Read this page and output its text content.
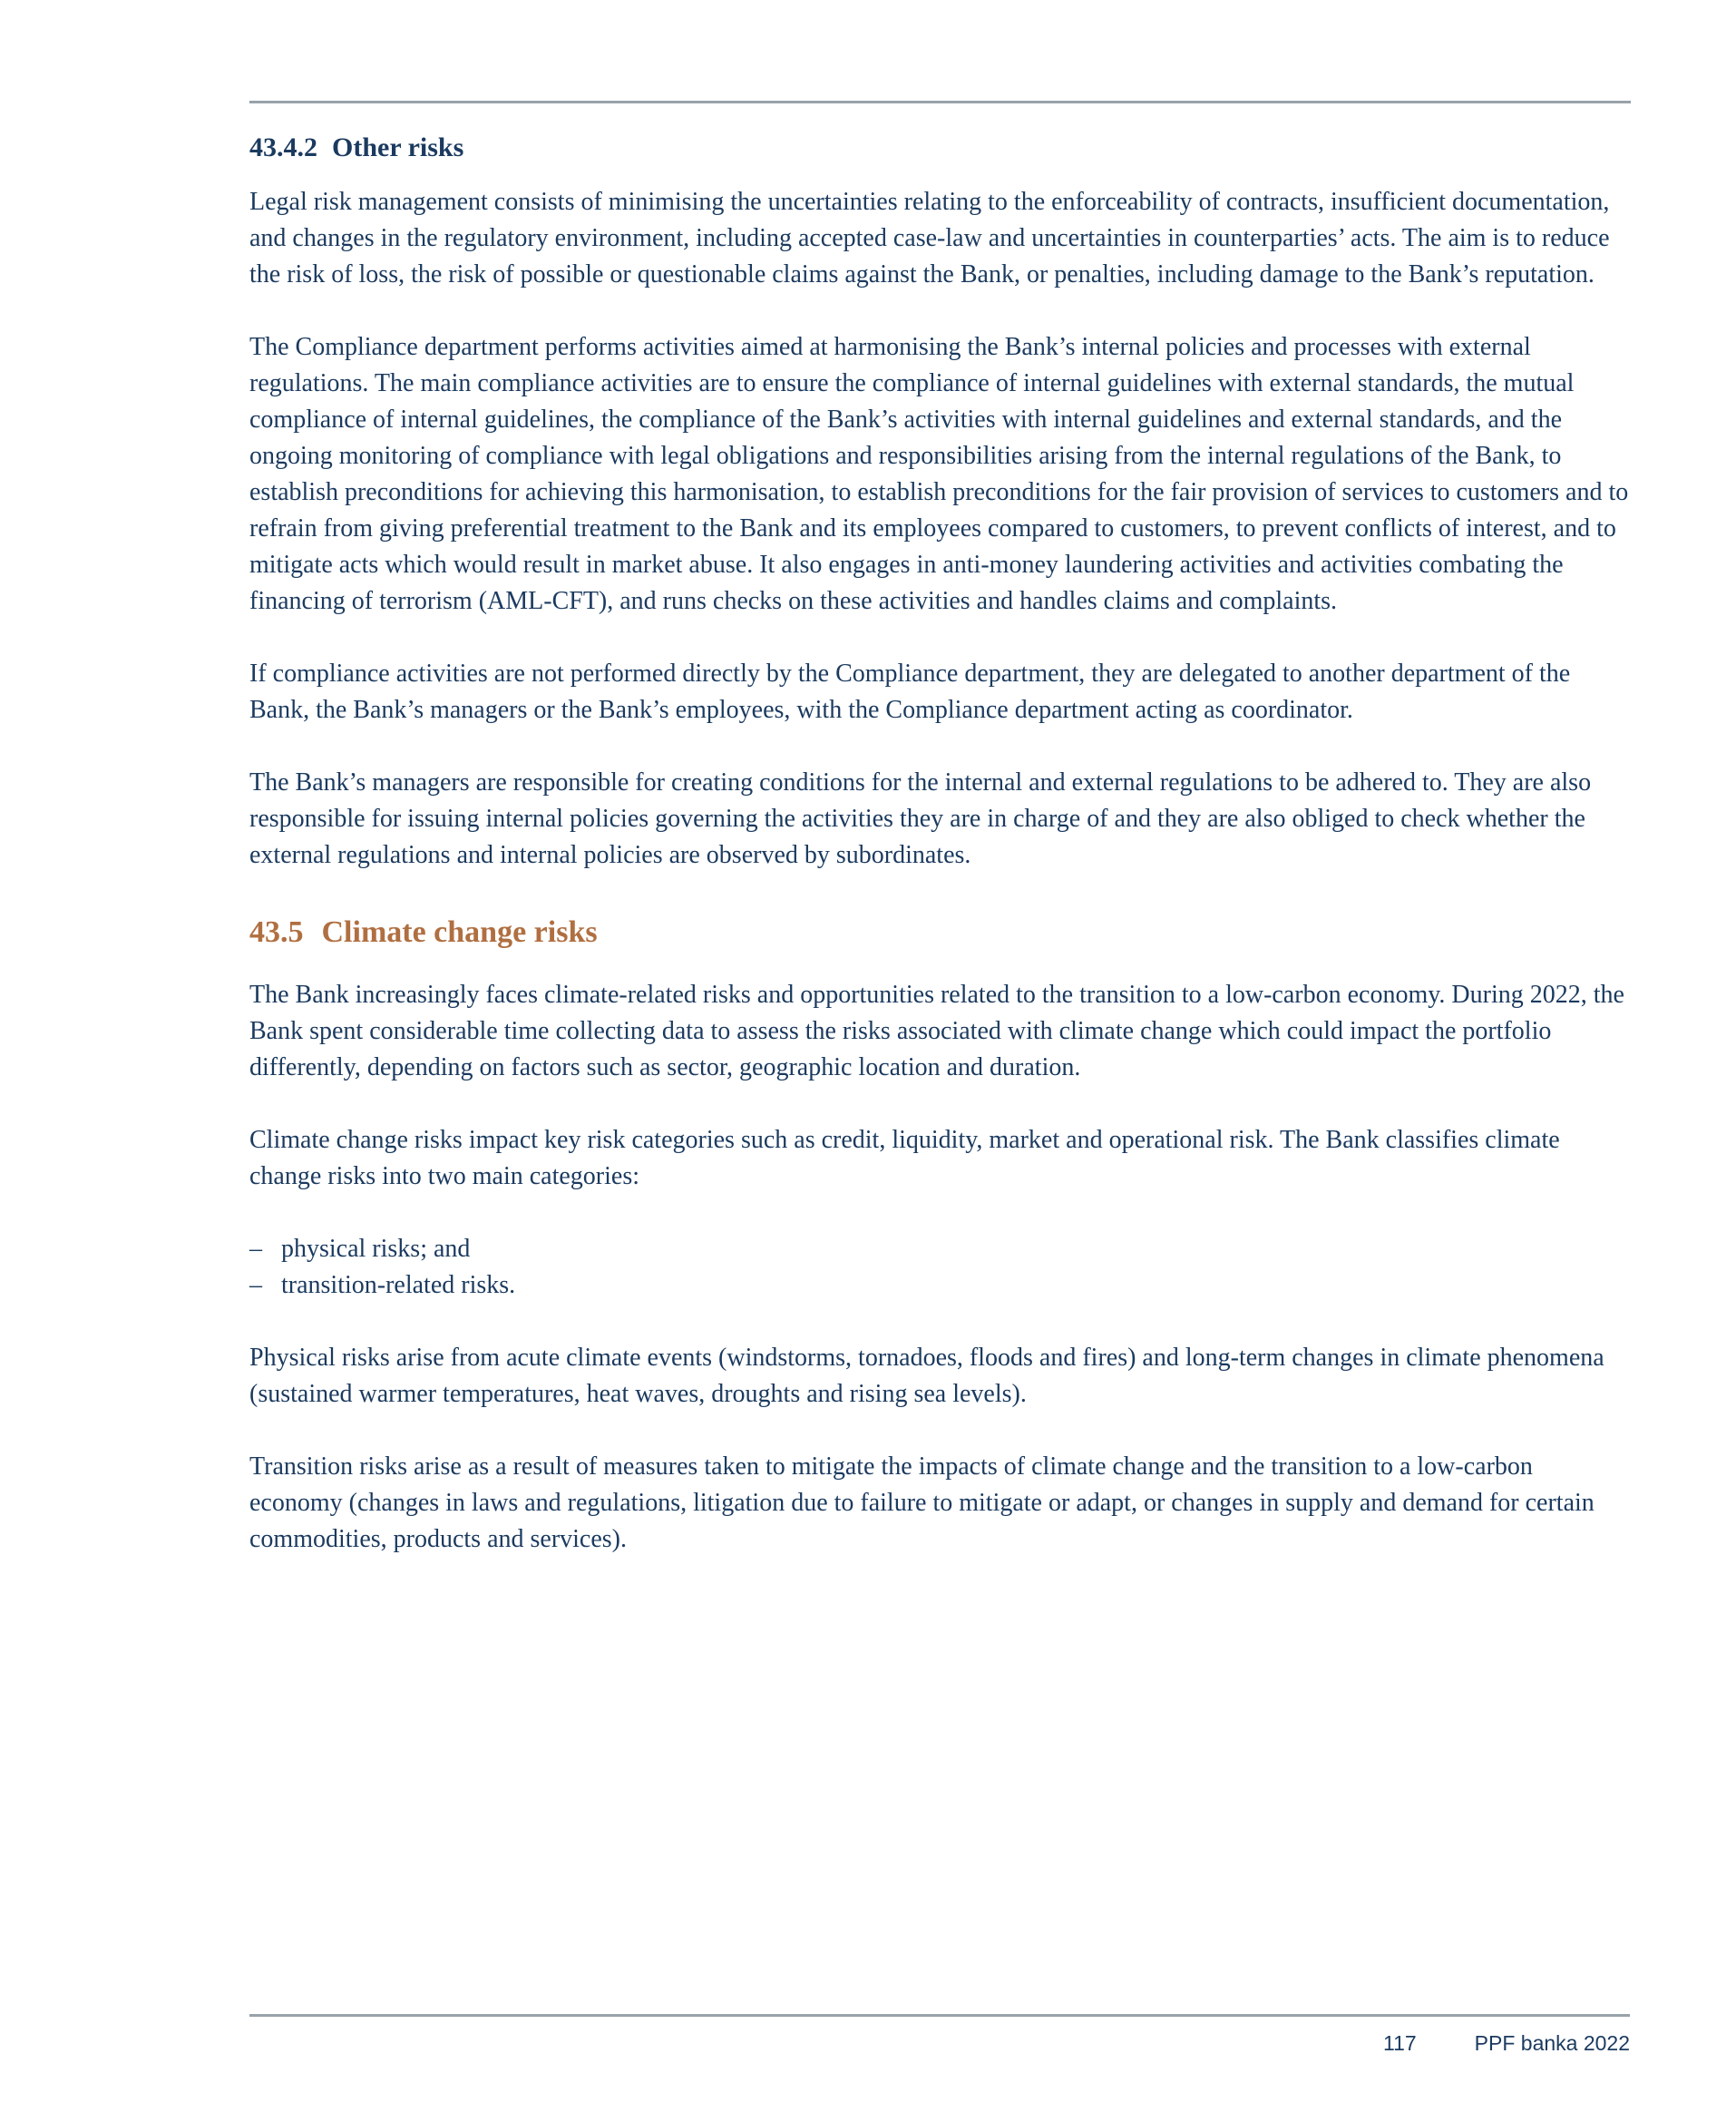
43.4.2 Other risks

Legal risk management consists of minimising the uncertainties relating to the enforceability of contracts, insufficient documentation, and changes in the regulatory environment, including accepted case-law and uncertainties in counterparties’ acts. The aim is to reduce the risk of loss, the risk of possible or questionable claims against the Bank, or penalties, including damage to the Bank’s reputation.

The Compliance department performs activities aimed at harmonising the Bank’s internal policies and processes with external regulations. The main compliance activities are to ensure the compliance of internal guidelines with external standards, the mutual compliance of internal guidelines, the compliance of the Bank’s activities with internal guidelines and external standards, and the ongoing monitoring of compliance with legal obligations and responsibilities arising from the internal regulations of the Bank, to establish preconditions for achieving this harmonisation, to establish preconditions for the fair provision of services to customers and to refrain from giving preferential treatment to the Bank and its employees compared to customers, to prevent conflicts of interest, and to mitigate acts which would result in market abuse. It also engages in anti-money laundering activities and activities combating the financing of terrorism (AML-CFT), and runs checks on these activities and handles claims and complaints.

If compliance activities are not performed directly by the Compliance department, they are delegated to another department of the Bank, the Bank’s managers or the Bank’s employees, with the Compliance department acting as coordinator.

The Bank’s managers are responsible for creating conditions for the internal and external regulations to be adhered to. They are also responsible for issuing internal policies governing the activities they are in charge of and they are also obliged to check whether the external regulations and internal policies are observed by subordinates.

43.5 Climate change risks

The Bank increasingly faces climate-related risks and opportunities related to the transition to a low-carbon economy. During 2022, the Bank spent considerable time collecting data to assess the risks associated with climate change which could impact the portfolio differently, depending on factors such as sector, geographic location and duration.

Climate change risks impact key risk categories such as credit, liquidity, market and operational risk. The Bank classifies climate change risks into two main categories:

– physical risks; and
– transition-related risks.

Physical risks arise from acute climate events (windstorms, tornadoes, floods and fires) and long-term changes in climate phenomena (sustained warmer temperatures, heat waves, droughts and rising sea levels).

Transition risks arise as a result of measures taken to mitigate the impacts of climate change and the transition to a low-carbon economy (changes in laws and regulations, litigation due to failure to mitigate or adapt, or changes in supply and demand for certain commodities, products and services).

117	PPF banka 2022
